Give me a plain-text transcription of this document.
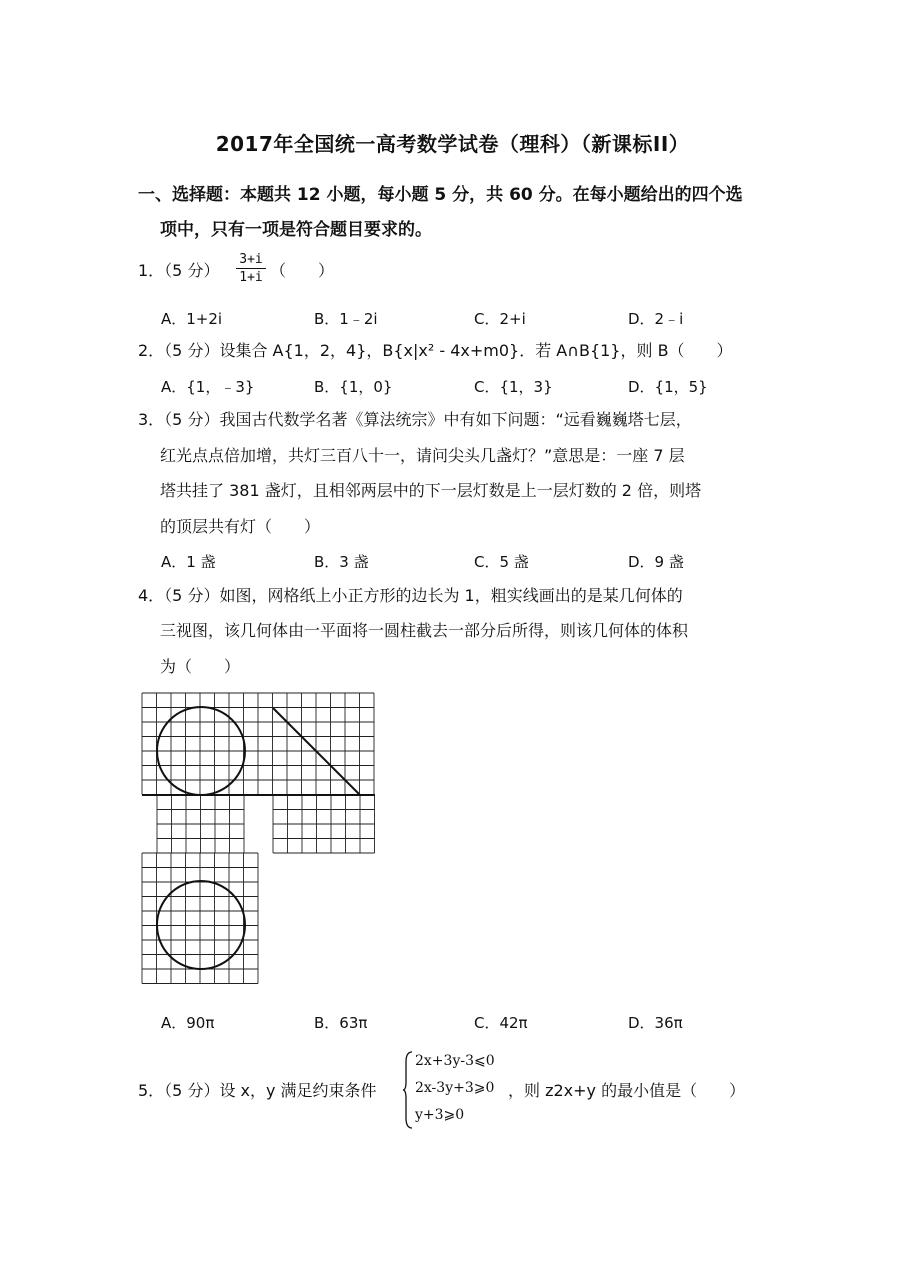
2017年全国统一高考数学试卷（理科）（新课标II）
一、选择题：本题共 12 小题，每小题 5 分，共 60 分。在每小题给出的四个选
项中，只有一项是符合题目要求的。
1．（5 分）
3+i
1+i （　　）
A．1+2i	B．1﹣2i	C．2+i	D．2﹣i
2．（5 分）设集合 A{1，2，4}，B{x|x² - 4x+m0}．若 A∩B{1}，则 B（　　）
A．{1，﹣3}	B．{1，0}	C．{1，3}	D．{1，5}
3．（5 分）我国古代数学名著《算法统宗》中有如下问题：“远看巍巍塔七层，
红光点点倍加增，共灯三百八十一，请问尖头几盏灯？”意思是：一座 7 层
塔共挂了 381 盏灯，且相邻两层中的下一层灯数是上一层灯数的 2 倍，则塔
的顶层共有灯（　　）
A．1 盏	B．3 盏	C．5 盏	D．9 盏
4．（5 分）如图，网格纸上小正方形的边长为 1，粗实线画出的是某几何体的
三视图，该几何体由一平面将一圆柱截去一部分后所得，则该几何体的体积
为（　　）
A．90π	B．63π	C．42π	D．36π
5．（5 分）设 x，y 满足约束条件
2x+3y-3⩽0
2x-3y+3⩾0
y+3⩾0
，则 z2x+y 的最小值是（　　）
